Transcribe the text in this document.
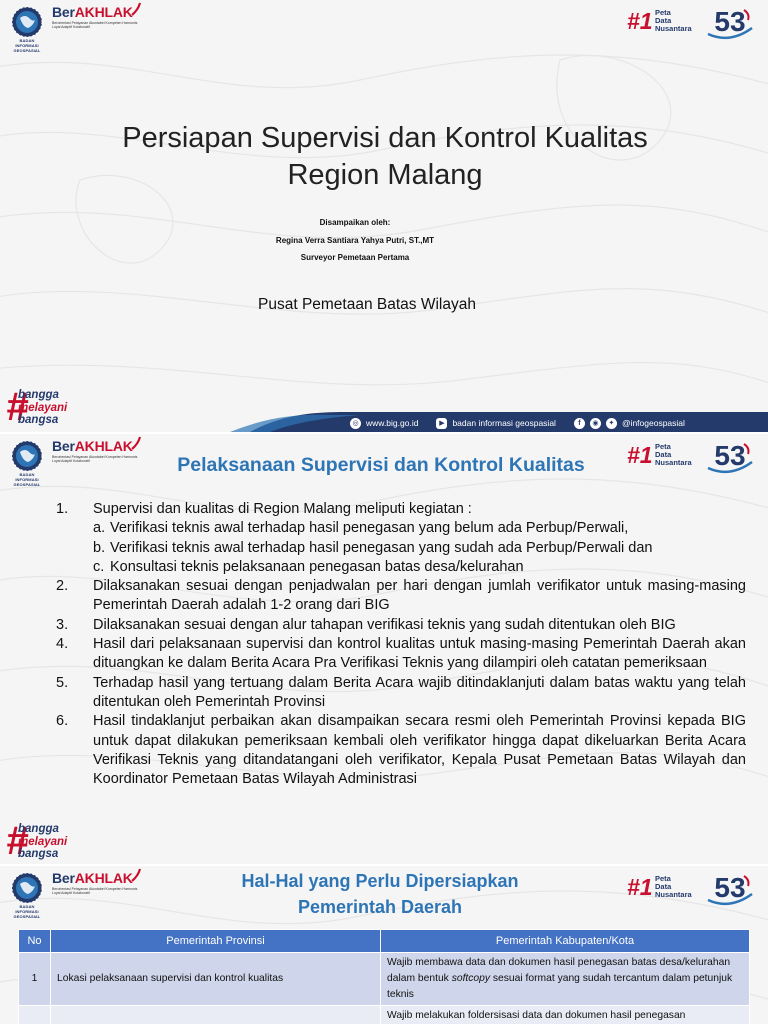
BADAN INFORMASI GEOSPASIAL
BerAKHLAK
Berorientasi Pelayanan Akuntabel Kompeten Harmonis Loyal Adaptif Kolaboratif	#1 Peta
Data
Nusantara 53
Persiapan Supervisi dan Kontrol Kualitas
Region Malang
Disampaikan oleh:
Regina Verra Santiara Yahya Putri, ST.,MT
Surveyor Pemetaan Pertama
Pusat Pemetaan Batas Wilayah
#
bangga
melayani
bangsa	◎ www.big.go.id	▶ badan informasi geospasial	f	◉	✦ @infogeospasial
BADAN INFORMASI GEOSPASIAL
BerAKHLAK
Berorientasi Pelayanan Akuntabel Kompeten Harmonis Loyal Adaptif Kolaboratif	#1 Peta
Data
Nusantara 53
Pelaksanaan Supervisi dan Kontrol Kualitas
1.	Supervisi dan kualitas di Region Malang meliputi kegiatan :
a. Verifikasi teknis awal terhadap hasil penegasan yang belum ada Perbup/Perwali,
b. Verifikasi teknis awal terhadap hasil penegasan yang sudah ada Perbup/Perwali dan
c. Konsultasi teknis pelaksanaan penegasan batas desa/kelurahan
2.	Dilaksanakan sesuai dengan penjadwalan per hari dengan jumlah verifikator untuk masing-masing Pemerintah Daerah adalah 1-2 orang dari BIG
3.	Dilaksanakan sesuai dengan alur tahapan verifikasi teknis yang sudah ditentukan oleh BIG
4.	Hasil dari pelaksanaan supervisi dan kontrol kualitas untuk masing-masing Pemerintah Daerah akan dituangkan ke dalam Berita Acara Pra Verifikasi Teknis yang dilampiri oleh catatan pemeriksaan
5.	Terhadap hasil yang tertuang dalam Berita Acara wajib ditindaklanjuti dalam batas waktu yang telah ditentukan oleh Pemerintah Provinsi
6.	Hasil tindaklanjut perbaikan akan disampaikan secara resmi oleh Pemerintah Provinsi kepada BIG untuk dapat dilakukan pemeriksaan kembali oleh verifikator hingga dapat dikeluarkan Berita Acara Verifikasi Teknis yang ditandatangani oleh verifikator, Kepala Pusat Pemetaan Batas Wilayah dan Koordinator Pemetaan Batas Wilayah Administrasi
#
bangga
melayani
bangsa
BADAN INFORMASI GEOSPASIAL
BerAKHLAK
Berorientasi Pelayanan Akuntabel Kompeten Harmonis Loyal Adaptif Kolaboratif	#1 Peta
Data
Nusantara 53
Hal-Hal yang Perlu Dipersiapkan
Pemerintah Daerah
No	Pemerintah Provinsi	Pemerintah Kabupaten/Kota
1	Lokasi pelaksanaan supervisi dan kontrol kualitas	Wajib membawa data dan dokumen hasil penegasan batas desa/kelurahan dalam bentuk softcopy sesuai format yang sudah tercantum dalam petunjuk teknis
		Wajib melakukan foldersisasi data dan dokumen hasil penegasan
